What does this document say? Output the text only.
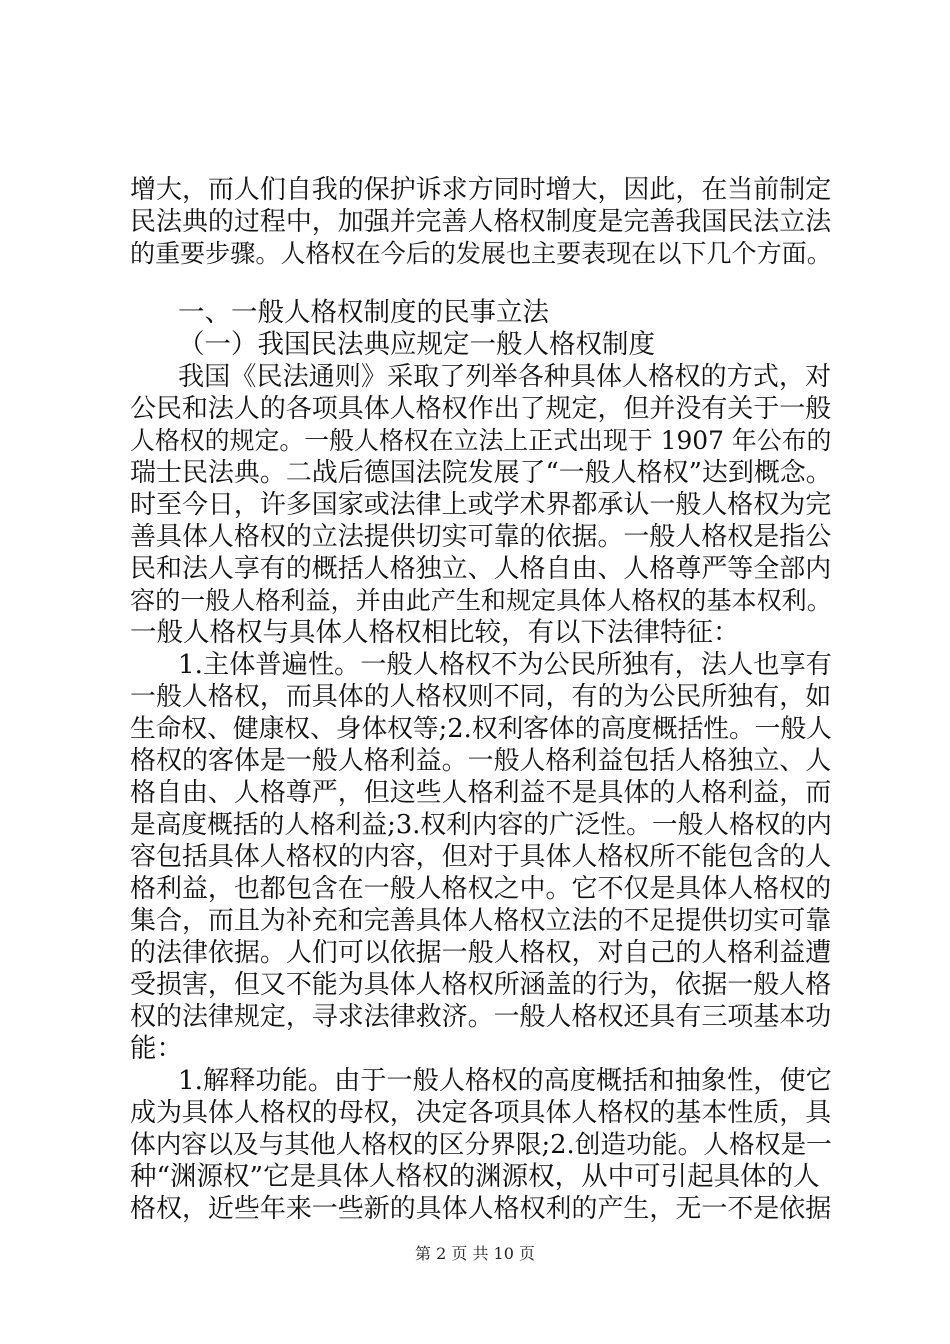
增大，而人们自我的保护诉求方同时增大，因此，在当前制定
民法典的过程中，加强并完善人格权制度是完善我国民法立法
的重要步骤。人格权在今后的发展也主要表现在以下几个方面。
一、一般人格权制度的民事立法
（一）我国民法典应规定一般人格权制度
我国《民法通则》采取了列举各种具体人格权的方式，对
公民和法人的各项具体人格权作出了规定，但并没有关于一般
人格权的规定。一般人格权在立法上正式出现于 1907 年公布的
瑞士民法典。二战后德国法院发展了“一般人格权”达到概念。
时至今日，许多国家或法律上或学术界都承认一般人格权为完
善具体人格权的立法提供切实可靠的依据。一般人格权是指公
民和法人享有的概括人格独立、人格自由、人格尊严等全部内
容的一般人格利益，并由此产生和规定具体人格权的基本权利。
一般人格权与具体人格权相比较，有以下法律特征：
1.主体普遍性。一般人格权不为公民所独有，法人也享有
一般人格权，而具体的人格权则不同，有的为公民所独有，如
生命权、健康权、身体权等;2.权利客体的高度概括性。一般人
格权的客体是一般人格利益。一般人格利益包括人格独立、人
格自由、人格尊严，但这些人格利益不是具体的人格利益，而
是高度概括的人格利益;3.权利内容的广泛性。一般人格权的内
容包括具体人格权的内容，但对于具体人格权所不能包含的人
格利益，也都包含在一般人格权之中。它不仅是具体人格权的
集合，而且为补充和完善具体人格权立法的不足提供切实可靠
的法律依据。人们可以依据一般人格权，对自己的人格利益遭
受损害，但又不能为具体人格权所涵盖的行为，依据一般人格
权的法律规定，寻求法律救济。一般人格权还具有三项基本功
能：
1.解释功能。由于一般人格权的高度概括和抽象性，使它
成为具体人格权的母权，决定各项具体人格权的基本性质，具
体内容以及与其他人格权的区分界限;2.创造功能。人格权是一
种“渊源权”它是具体人格权的渊源权，从中可引起具体的人
格权，近些年来一些新的具体人格权利的产生，无一不是依据
第 2 页 共 10 页
